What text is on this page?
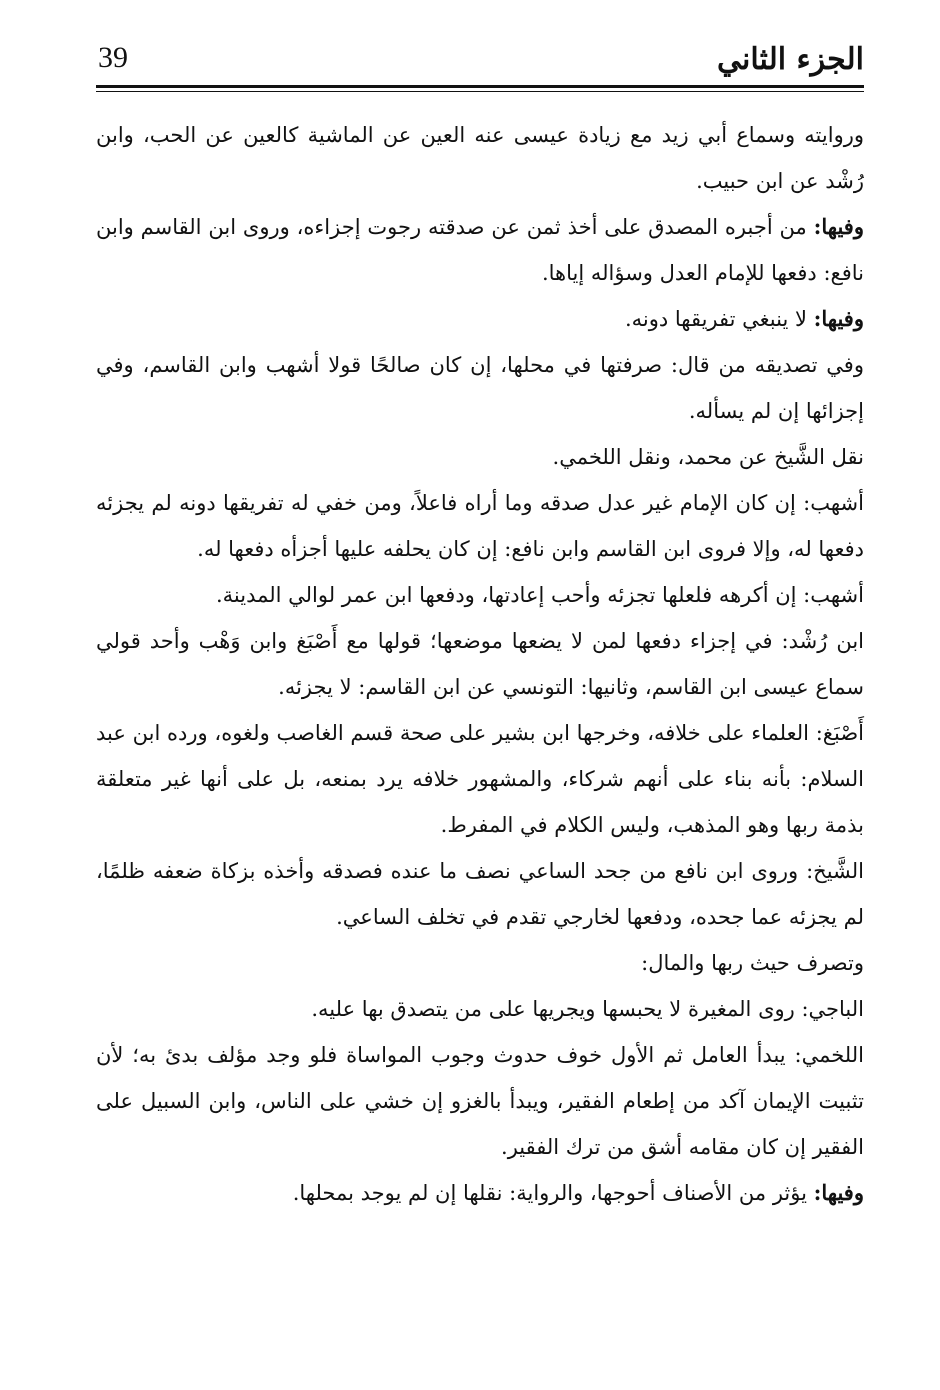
الجزء الثاني
39

وروايته وسماع أبي زيد مع زيادة عيسى عنه العين عن الماشية كالعين عن الحب، وابن رُشْد عن ابن حبيب.

وفيها: من أجبره المصدق على أخذ ثمن عن صدقته رجوت إجزاءه، وروى ابن القاسم وابن نافع: دفعها للإمام العدل وسؤاله إياها.

وفيها: لا ينبغي تفريقها دونه.

وفي تصديقه من قال: صرفتها في محلها، إن كان صالحًا قولا أشهب وابن القاسم، وفي إجزائها إن لم يسأله.

نقل الشَّيخ عن محمد، ونقل اللخمي.

أشهب: إن كان الإمام غير عدل صدقه وما أراه فاعلاً، ومن خفي له تفريقها دونه لم يجزئه دفعها له، وإلا فروى ابن القاسم وابن نافع: إن كان يحلفه عليها أجزأه دفعها له.

أشهب: إن أكرهه فلعلها تجزئه وأحب إعادتها، ودفعها ابن عمر لوالي المدينة.

ابن رُشْد: في إجزاء دفعها لمن لا يضعها موضعها؛ قولها مع أَصْبَغ وابن وَهْب وأحد قولي سماع عيسى ابن القاسم، وثانيها: التونسي عن ابن القاسم: لا يجزئه.

أَصْبَغ: العلماء على خلافه، وخرجها ابن بشير على صحة قسم الغاصب ولغوه، ورده ابن عبد السلام: بأنه بناء على أنهم شركاء، والمشهور خلافه يرد بمنعه، بل على أنها غير متعلقة بذمة ربها وهو المذهب، وليس الكلام في المفرط.

الشَّيخ: وروى ابن نافع من جحد الساعي نصف ما عنده فصدقه وأخذه بزكاة ضعفه ظلمًا، لم يجزئه عما جحده، ودفعها لخارجي تقدم في تخلف الساعي.

وتصرف حيث ربها والمال:

الباجي: روى المغيرة لا يحبسها ويجريها على من يتصدق بها عليه.

اللخمي: يبدأ العامل ثم الأول خوف حدوث وجوب المواساة فلو وجد مؤلف بدئ به؛ لأن تثبيت الإيمان آكد من إطعام الفقير، ويبدأ بالغزو إن خشي على الناس، وابن السبيل على الفقير إن كان مقامه أشق من ترك الفقير.

وفيها: يؤثر من الأصناف أحوجها، والرواية: نقلها إن لم يوجد بمحلها.
